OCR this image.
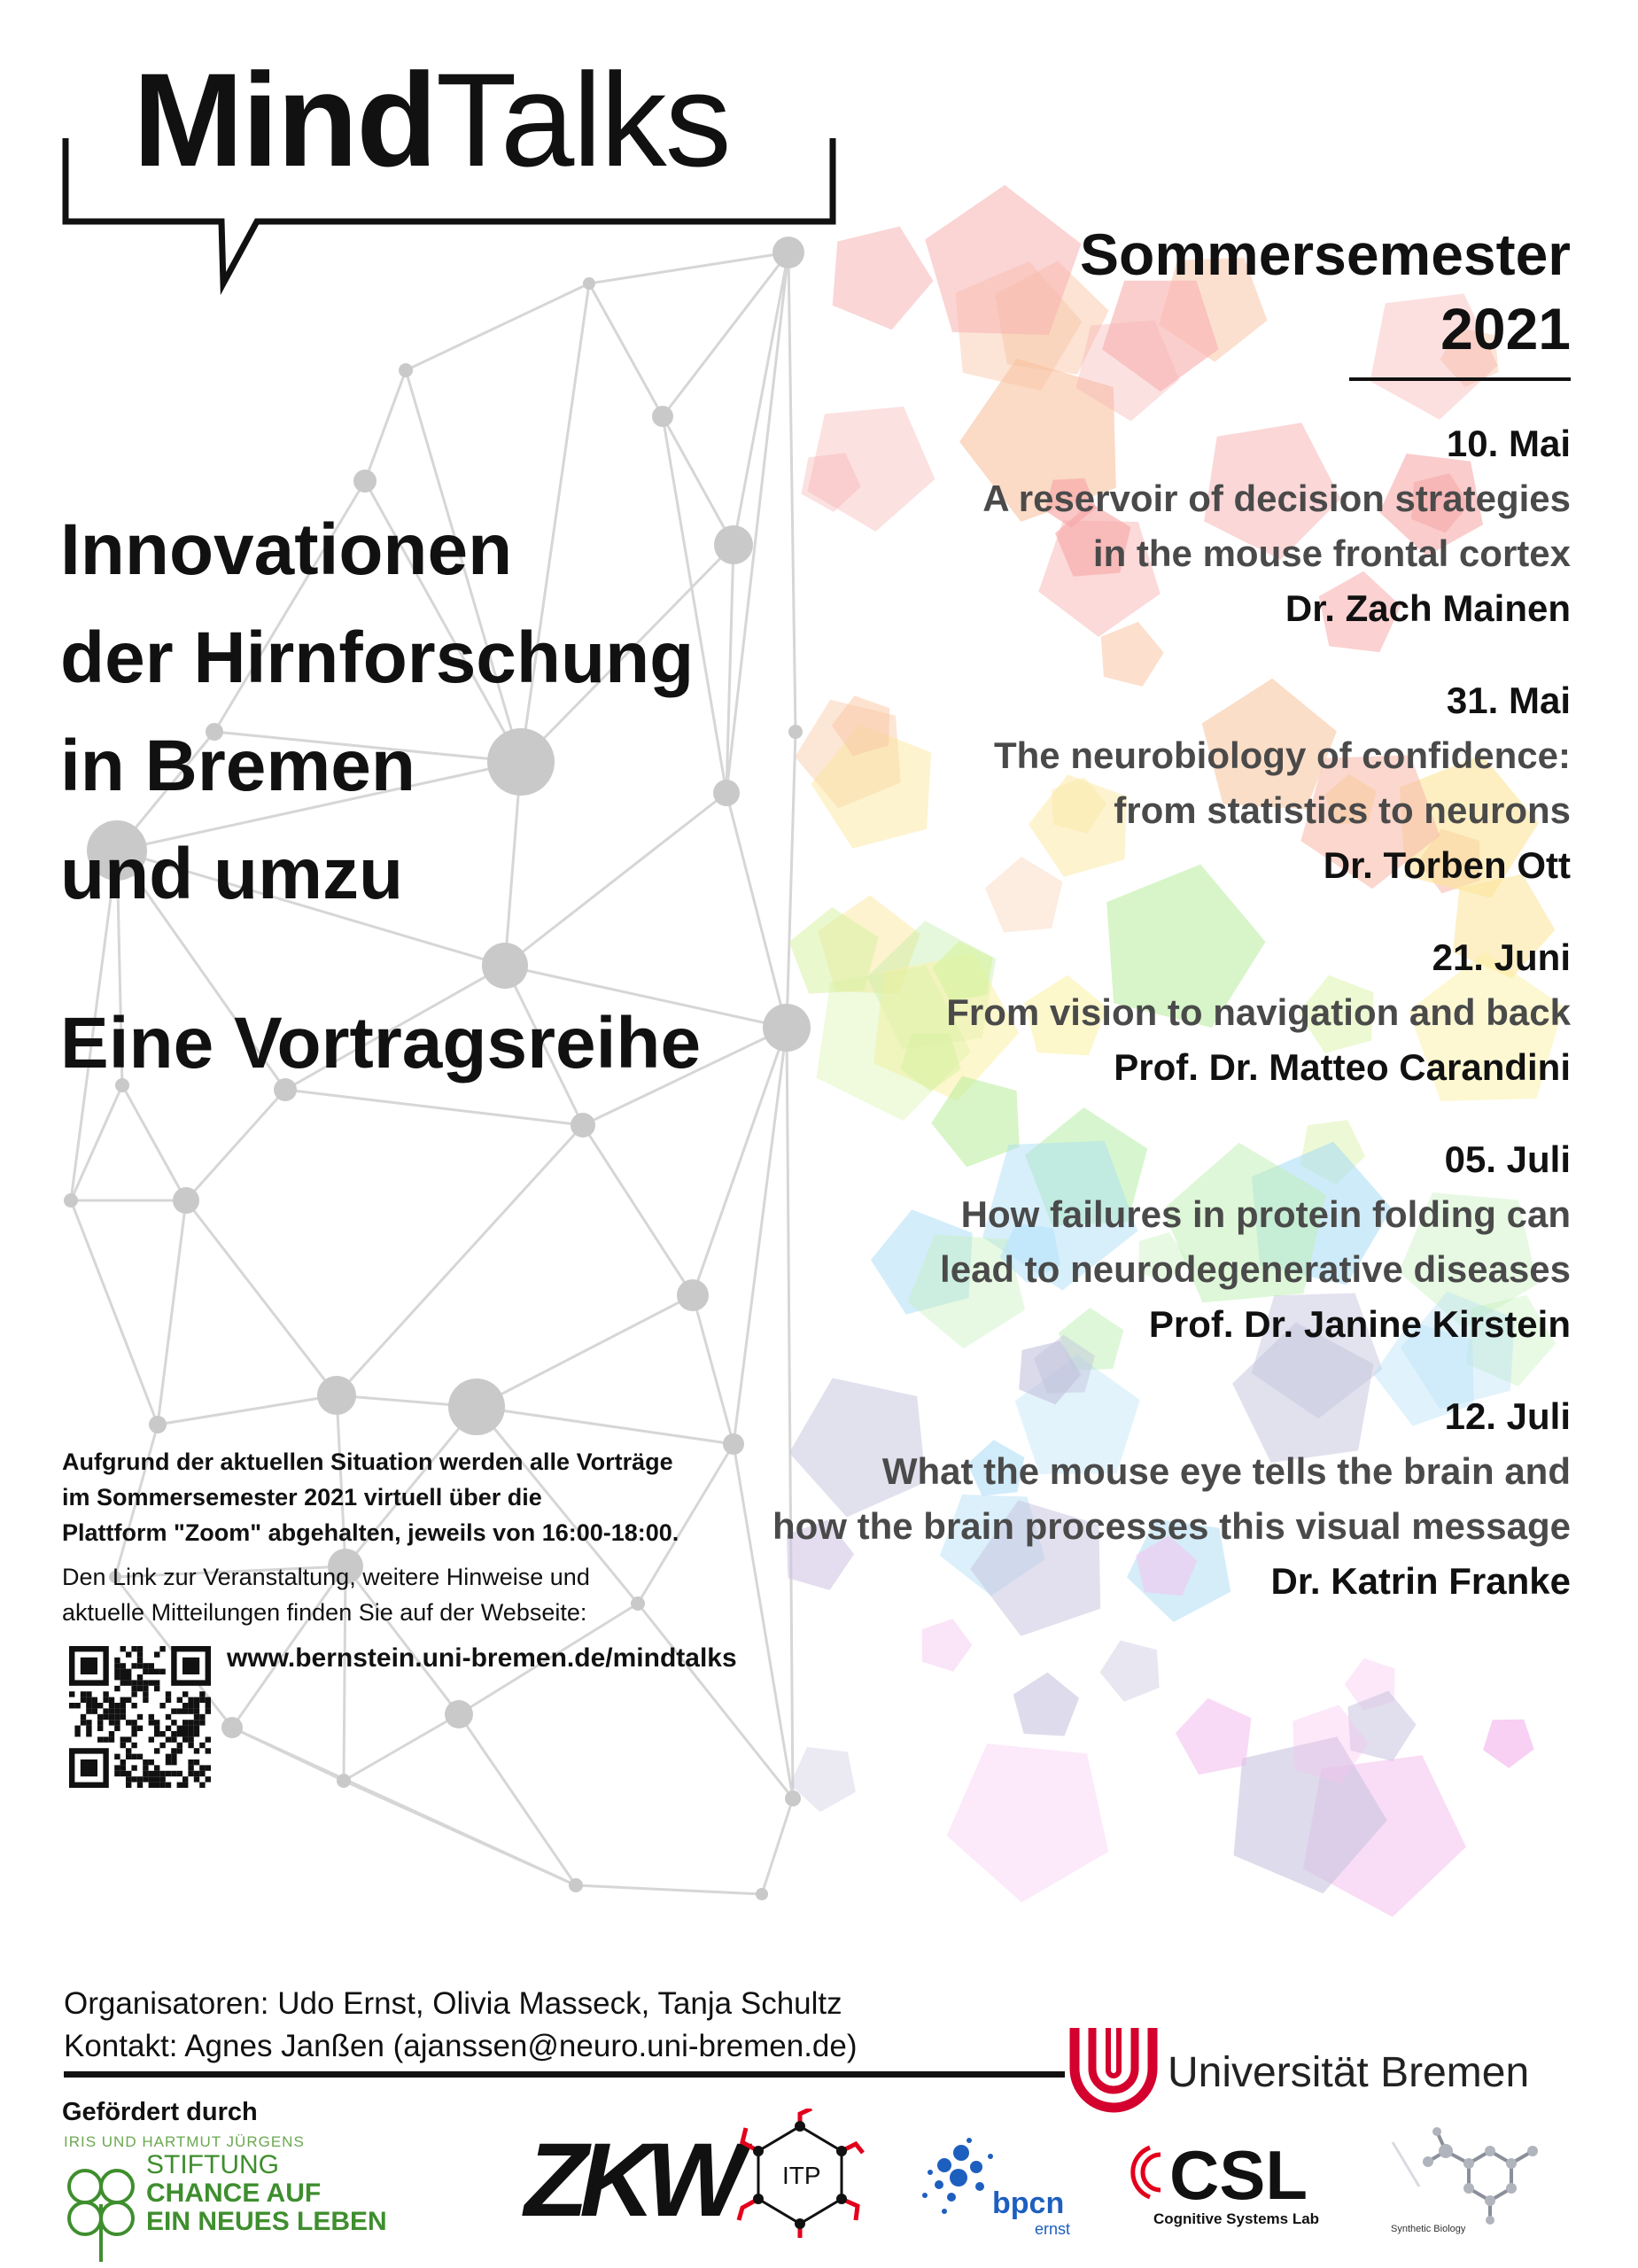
MindTalks
Sommersemester
2021
Innovationen
der Hirnforschung
in Bremen
und umzu
Eine Vortragsreihe
10. Mai
A reservoir of decision strategies
in the mouse frontal cortex
Dr. Zach Mainen
31. Mai
The neurobiology of confidence:
from statistics to neurons
Dr. Torben Ott
21. Juni
From vision to navigation and back
Prof. Dr. Matteo Carandini
05. Juli
How failures in protein folding can
lead to neurodegenerative diseases
Prof. Dr. Janine Kirstein
12. Juli
What the mouse eye tells the brain and
how the brain processes this visual message
Dr. Katrin Franke
Aufgrund der aktuellen Situation werden alle Vorträge
im Sommersemester 2021 virtuell über die
Plattform "Zoom" abgehalten, jeweils von 16:00-18:00.
Den Link zur Veranstaltung, weitere Hinweise und
aktuelle Mitteilungen finden Sie auf der Webseite:
www.bernstein.uni-bremen.de/mindtalks
Organisatoren: Udo Ernst, Olivia Masseck, Tanja Schultz
Kontakt: Agnes Janßen (ajanssen@neuro.uni-bremen.de)
Universität Bremen
Gefördert durch
IRIS UND HARTMUT JÜRGENS
STIFTUNG
CHANCE AUF
EIN NEUES LEBEN ZKW ITP
bpcn
ernst
CSL
Cognitive Systems Lab
Synthetic Biology
